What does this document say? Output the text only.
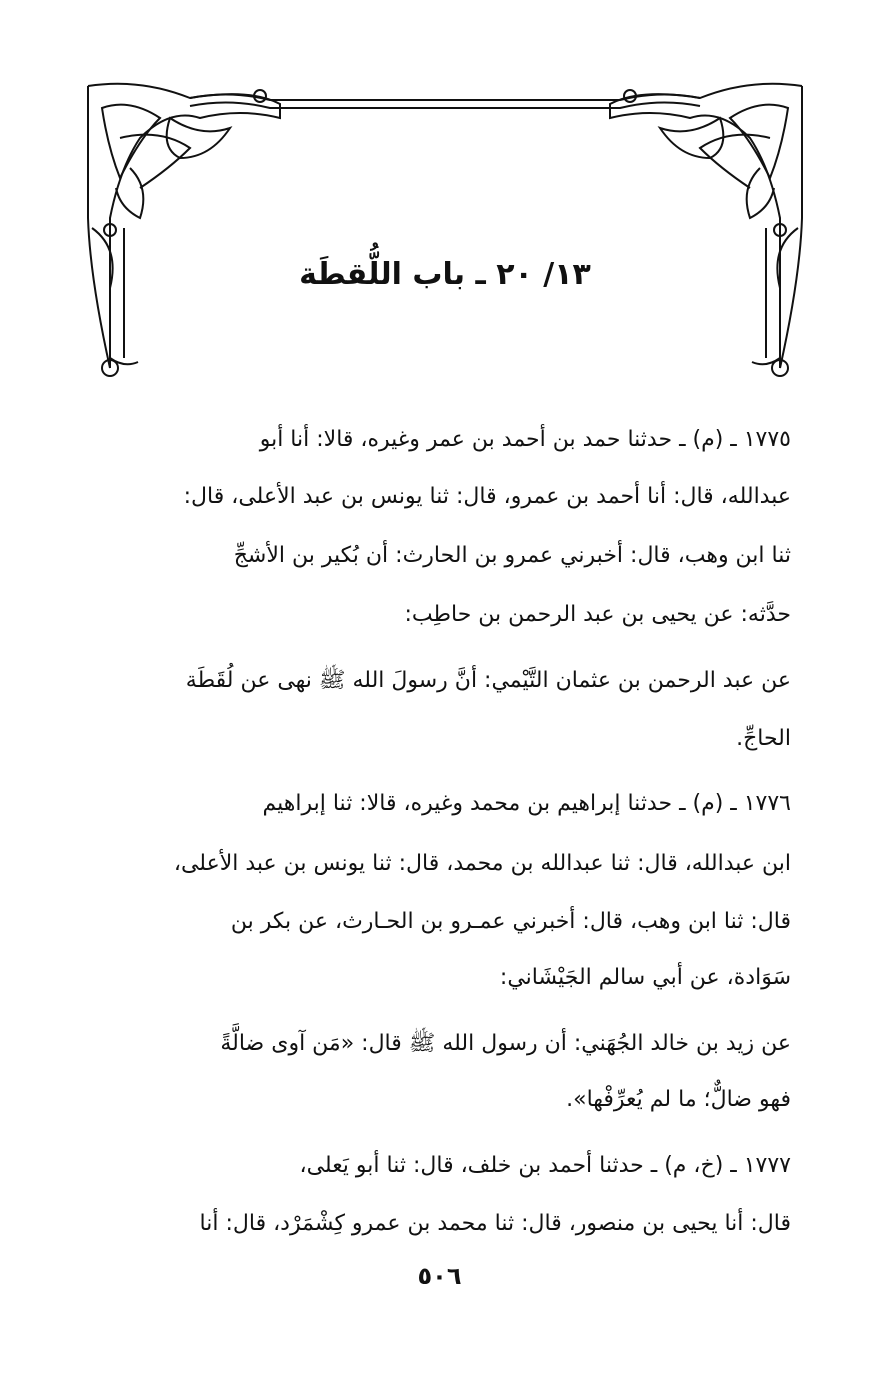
١٣/ ٢٠ ـ باب اللُّقطَة
١٧٧٥ ـ (م) ـ حدثنا حمد بن أحمد بن عمر وغيره، قالا: أنا أبو
عبدالله، قال: أنا أحمد بن عمرو، قال: ثنا يونس بن عبد الأعلى، قال:
ثنا ابن وهب، قال: أخبرني عمرو بن الحارث: أن بُكير بن الأشجِّ
حدَّثه: عن يحيى بن عبد الرحمن بن حاطِب:
عن عبد الرحمن بن عثمان التَّيْمي: أنَّ رسولَ الله ﷺ نهى عن لُقَطَة
الحاجِّ.
١٧٧٦ ـ (م) ـ حدثنا إبراهيم بن محمد وغيره، قالا: ثنا إبراهيم
ابن عبدالله، قال: ثنا عبدالله بن محمد، قال: ثنا يونس بن عبد الأعلى،
قال: ثنا ابن وهب، قال: أخبرني عمـرو بن الحـارث، عن بكر بن
سَوَادة، عن أبي سالم الجَيْشَاني:
عن زيد بن خالد الجُهَني: أن رسول الله ﷺ قال: «مَن آوى ضالَّةً
فهو ضالٌّ؛ ما لم يُعرِّفْها».
١٧٧٧ ـ (خ، م) ـ حدثنا أحمد بن خلف، قال: ثنا أبو يَعلى،
قال: أنا يحيى بن منصور، قال: ثنا محمد بن عمرو كِشْمَرْد، قال: أنا
٥٠٦
